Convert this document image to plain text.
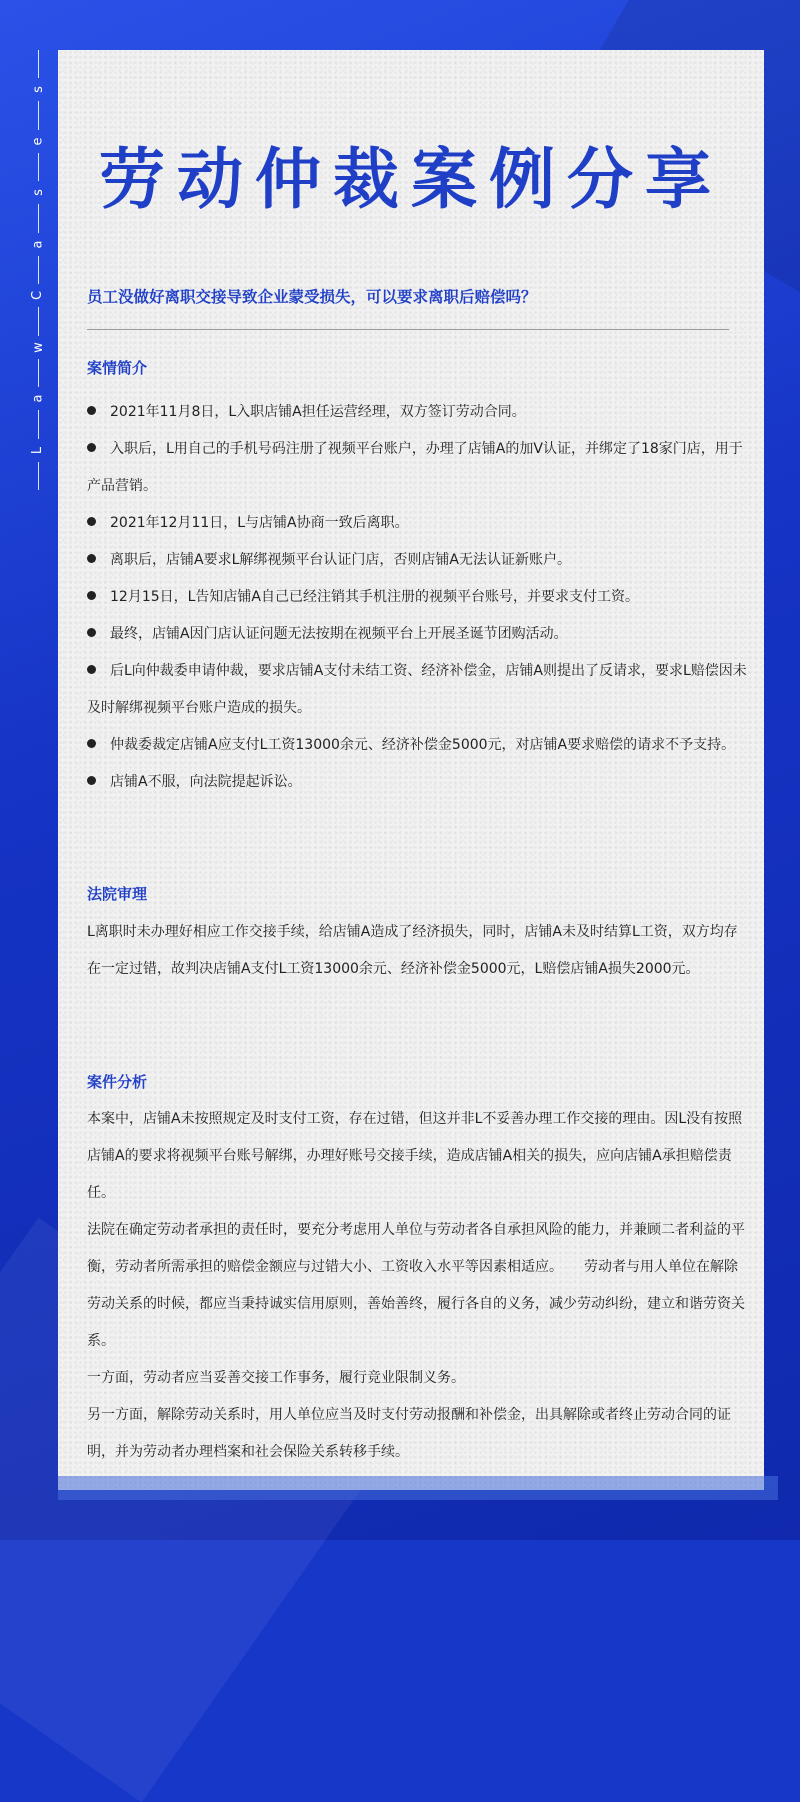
s
e
s
a
C
w
a
L
劳动仲裁案例分享
员工没做好离职交接导致企业蒙受损失，可以要求离职后赔偿吗？
案情简介
2021年11月8日，L入职店铺A担任运营经理，双方签订劳动合同。
入职后，L用自己的手机号码注册了视频平台账户，办理了店铺A的加V认证，并绑定了18家门店，用于产品营销。
2021年12月11日，L与店铺A协商一致后离职。
离职后，店铺A要求L解绑视频平台认证门店，否则店铺A无法认证新账户。
12月15日，L告知店铺A自己已经注销其手机注册的视频平台账号，并要求支付工资。
最终，店铺A因门店认证问题无法按期在视频平台上开展圣诞节团购活动。
后L向仲裁委申请仲裁，要求店铺A支付未结工资、经济补偿金，店铺A则提出了反请求，要求L赔偿因未及时解绑视频平台账户造成的损失。
仲裁委裁定店铺A应支付L工资13000余元、经济补偿金5000元，对店铺A要求赔偿的请求不予支持。
店铺A不服，向法院提起诉讼。
法院审理

L离职时未办理好相应工作交接手续，给店铺A造成了经济损失，同时，店铺A未及时结算L工资，双方均存在一定过错，故判决店铺A支付L工资13000余元、经济补偿金5000元，L赔偿店铺A损失2000元。

案件分析

本案中，店铺A未按照规定及时支付工资，存在过错，但这并非L不妥善办理工作交接的理由。因L没有按照店铺A的要求将视频平台账号解绑，办理好账号交接手续，造成店铺A相关的损失，应向店铺A承担赔偿责任。

法院在确定劳动者承担的责任时，要充分考虑用人单位与劳动者各自承担风险的能力，并兼顾二者利益的平衡，劳动者所需承担的赔偿金额应与过错大小、工资收入水平等因素相适应。　　劳动者与用人单位在解除劳动关系的时候，都应当秉持诚实信用原则，善始善终，履行各自的义务，减少劳动纠纷，建立和谐劳资关系。

一方面，劳动者应当妥善交接工作事务，履行竞业限制义务。

另一方面，解除劳动关系时，用人单位应当及时支付劳动报酬和补偿金，出具解除或者终止劳动合同的证明，并为劳动者办理档案和社会保险关系转移手续。
